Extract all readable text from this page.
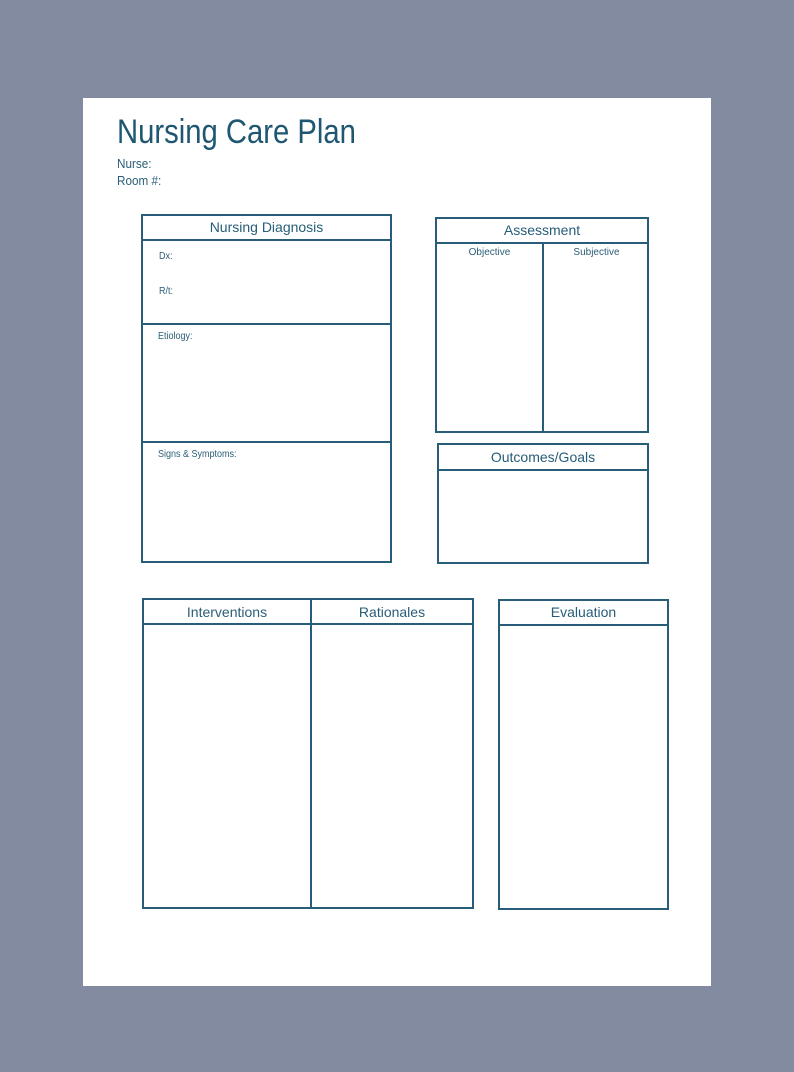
Nursing Care Plan
Nurse:
Room #:
Nursing Diagnosis
Dx:
R/t:
Etiology:
Signs & Symptoms:
Assessment
Objective	Subjective
Outcomes/Goals
Interventions	Rationales	Evaluation
